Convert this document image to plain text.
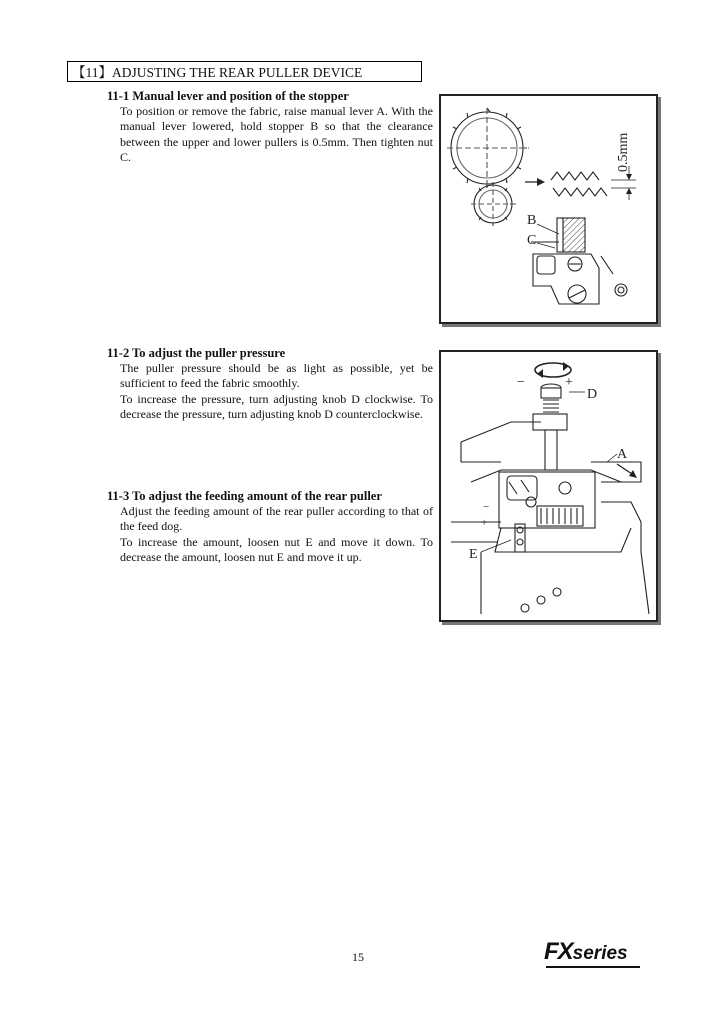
【11】ADJUSTING THE REAR PULLER DEVICE
11-1 Manual lever and position of the stopper

To position or remove the fabric, raise manual lever A. With the manual lever lowered, hold stopper B so that the clearance between the upper and lower pullers is 0.5mm. Then tighten nut C.

11-2 To adjust the puller pressure

The puller pressure should be as light as possible, yet be sufficient to feed the fabric smoothly.

To increase the pressure, turn adjusting knob D clockwise. To decrease the pressure, turn adjusting knob D counterclockwise.

11-3 To adjust the feeding amount of the rear puller

Adjust the feeding amount of the rear puller according to that of the feed dog.

To increase the amount, loosen nut E and move it down. To decrease the amount, loosen nut E and move it up.

0.5mm
B
C
−	+
D
A
−
+
E
15	FXseries
